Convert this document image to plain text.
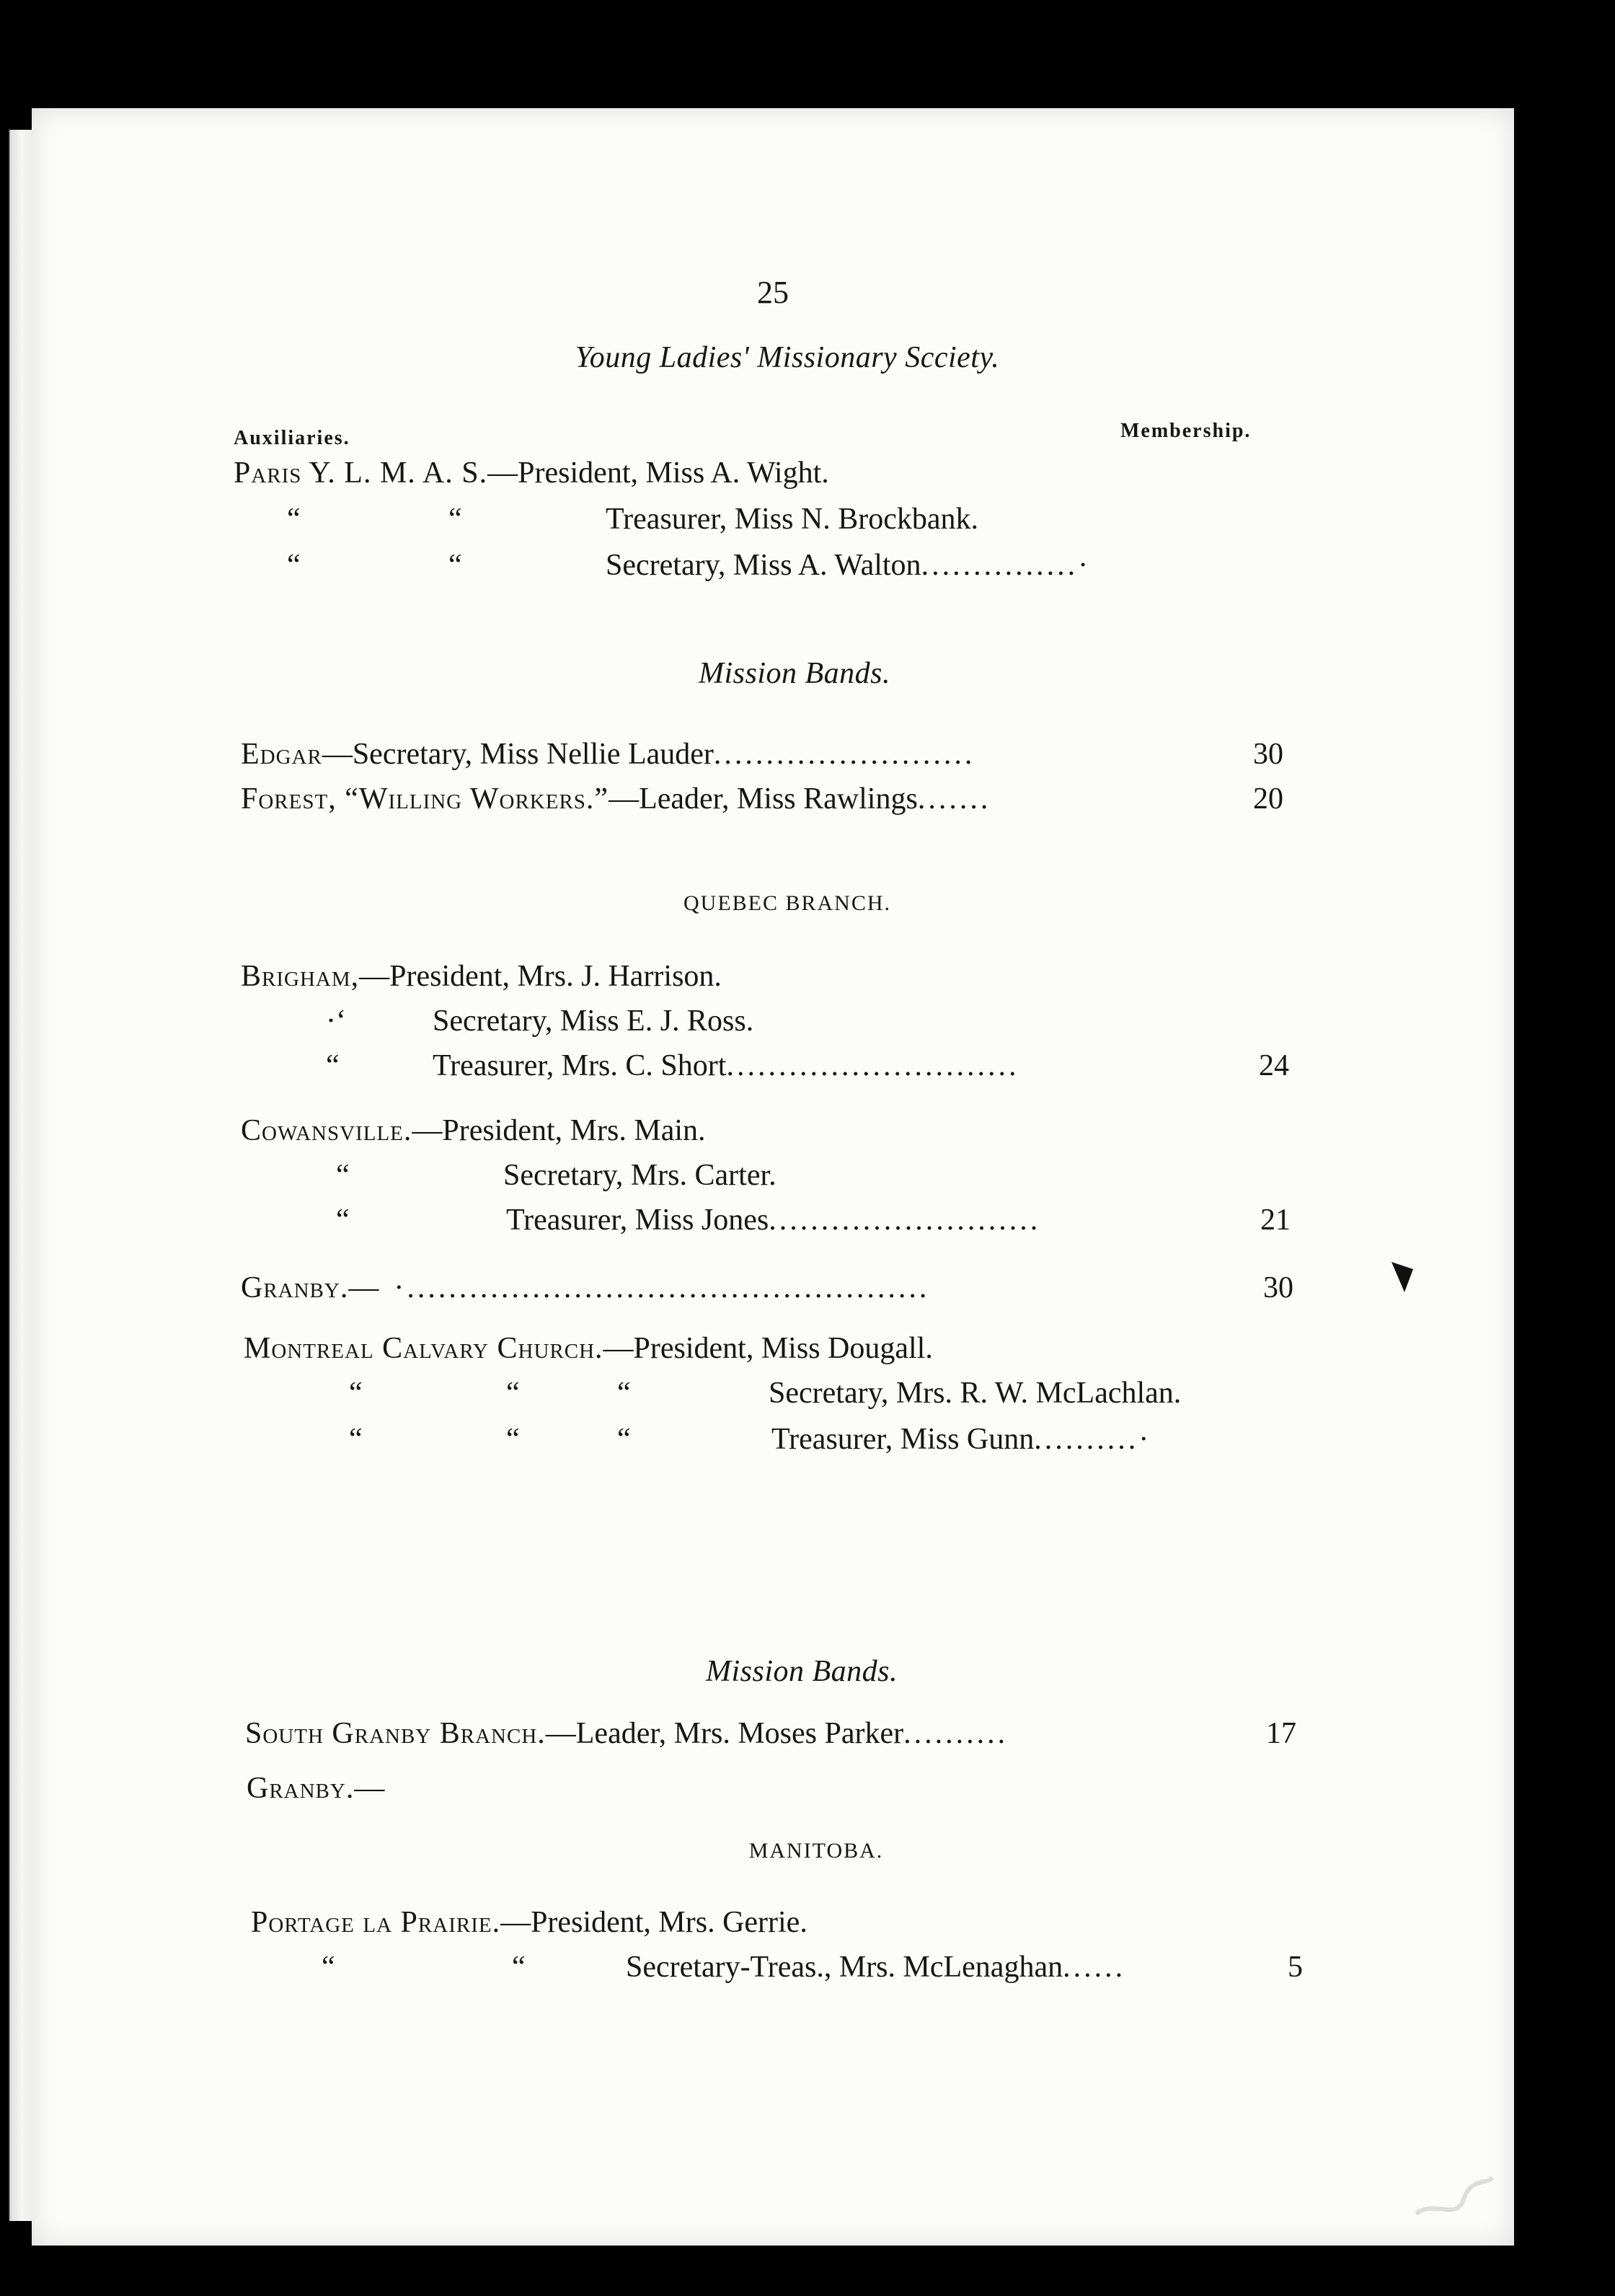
25
Young Ladies' Missionary Sсciety.
Auxiliaries.	Membership.
Paris Y. L. M. A. S.—President, Miss A. Wight.
“	“	Treasurer, Miss N. Brockbank.
“	“	Secretary, Miss A. Walton...............·
Mission Bands.
Edgar—Secretary, Miss Nellie Lauder.........................	30
Forest, “Willing Workers.”—Leader, Miss Rawlings.......	20
QUEBEC BRANCH.
Brigham,—President, Mrs. J. Harrison.
·‘	Secretary, Miss E. J. Ross.
“	Treasurer, Mrs. C. Short............................	24
Cowansville.—President, Mrs. Main.
“	Secretary, Mrs. Carter.
“	Treasurer, Miss Jones..........................	21
Granby.— ·..................................................	30
Montreal Calvary Church.—President, Miss Dougall.
“	“	“	Secretary, Mrs. R. W. McLachlan.
“	“	“	Treasurer, Miss Gunn..........·
Mission Bands.
South Granby Branch.—Leader, Mrs. Moses Parker..........	17
Granby.—
MANITOBA.
Portage la Prairie.—President, Mrs. Gerrie.
“	“	Secretary-Treas., Mrs. McLenaghan......	5
